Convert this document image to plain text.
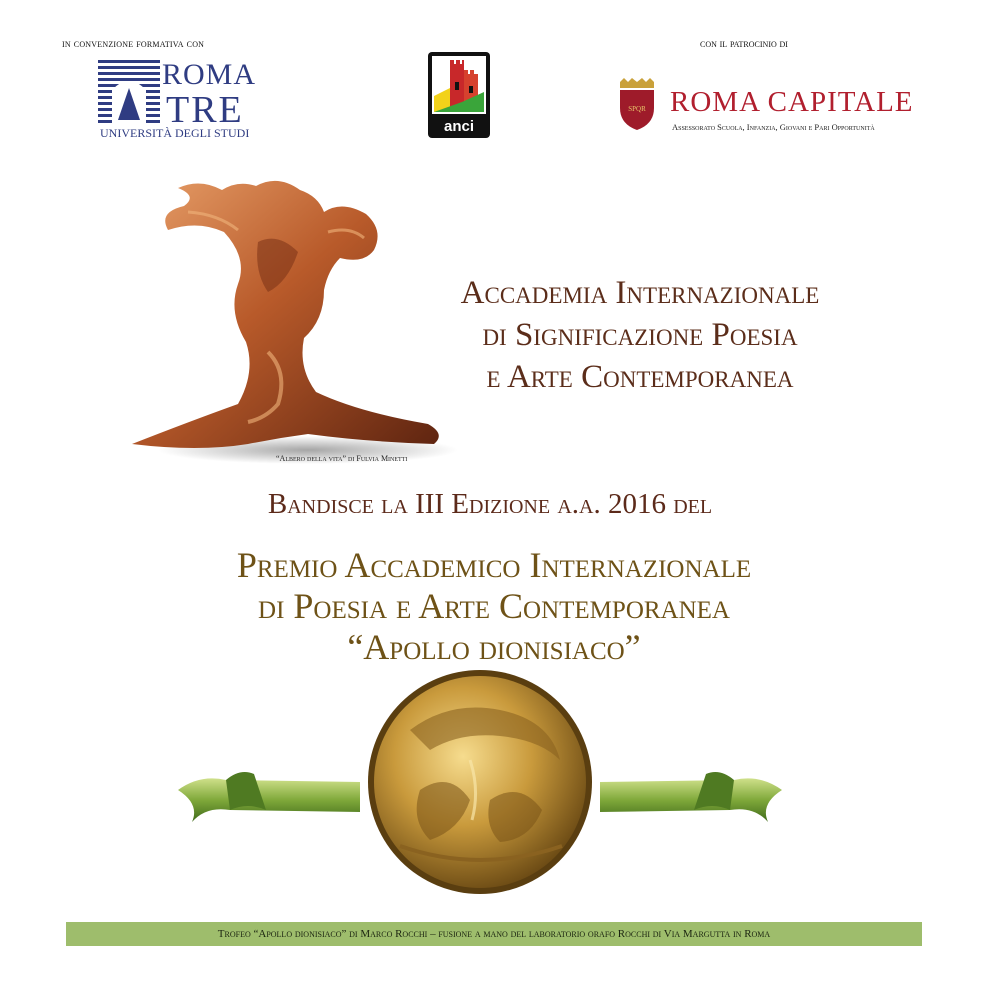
in convenzione formativa con	con il patrocinio di
ROMA
TRE
UNIVERSITÀ DEGLI STUDI	anci
SPQR ROMA CAPITALE
Assessorato Scuola, Infanzia, Giovani e Pari Opportunità
“Albero della vita” di Fulvia Minetti
Accademia Internazionale
di Significazione Poesia
e Arte Contemporanea
Bandisce la III Edizione a.a. 2016 del
Premio Accademico Internazionale
di Poesia e Arte Contemporanea
“Apollo dionisiaco”
Trofeo “Apollo dionisiaco” di Marco Rocchi – fusione a mano del laboratorio orafo Rocchi di Via Margutta in Roma
